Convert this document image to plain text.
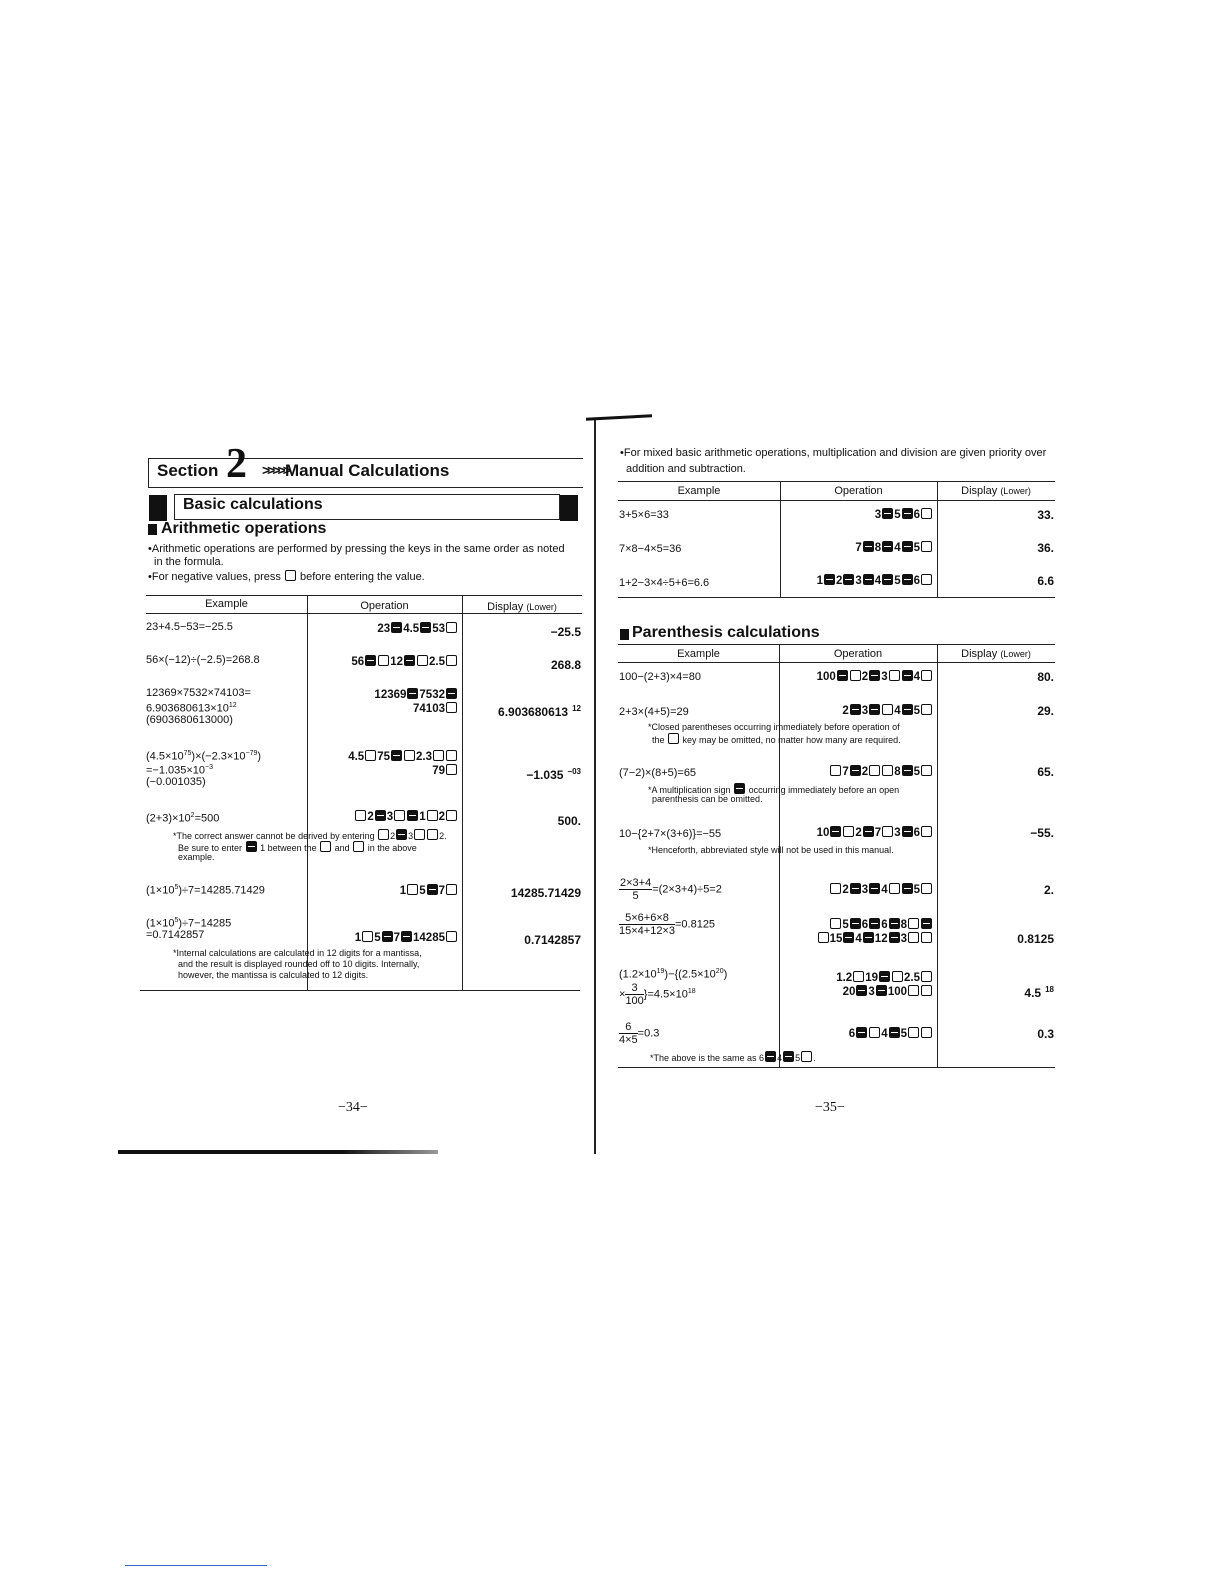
Section 2 >>>>>
Manual Calculations
Basic calculations
Arithmetic operations
•Arithmetic operations are performed by pressing the keys in the same order as noted
in the formula.
•For negative values, press before entering the value.
Example	Operation	Display (Lower)
23+4.5−53=−25.5	23 4.5 53	−25.5
56×(−12)÷(−2.5)=268.8	56 12 2.5	268.8
12369×7532×74103=
$6.903680613\times 10^{12}$
(6903680613000)
12369 7532
74103	6.903680613 $^{12}$
$(4.5\times 10^{75})\times(-2.3\times 10^{-79})$
$=-1.035\times 10^{-3}$
(−0.001035)
4.5 75 2.3
79	−1.035 $^{-03}$
$(2+3)\times 10^2=500$	2 3 1 2	500.
*The correct answer cannot be derived by entering 2 3	2.
Be sure to enter 1 between the and in the above
example.
$(1\times 10^5)\div 7=14285.71429$	1 5 7	14285.71429
$(1\times 10^5)\div 7-14285$
=0.7142857	1 5 7 14285	0.7142857
*Internal calculations are calculated in 12 digits for a mantissa,
and the result is displayed rounded off to 10 digits. Internally,
however, the mantissa is calculated to 12 digits.
−34−
•For mixed basic arithmetic operations, multiplication and division are given priority over
addition and subtraction.
Example	Operation	Display (Lower)
3+5×6=33	3 5 6	33.
7×8−4×5=36	7 8 4 5	36.
1+2−3×4÷5+6=6.6	1 2 3 4 5 6	6.6
Parenthesis calculations
Example	Operation	Display (Lower)
100−(2+3)×4=80	100 2 3 4	80.
2+3×(4+5)=29	2 3 4 5	29.
*Closed parentheses occurring immediately before operation of
the key may be omitted, no matter how many are required.
(7−2)×(8+5)=65	7 2 8 5	65.
*A multiplication sign occurring immediately before an open
parenthesis can be omitted.
10−{2+7×(3+6)}=−55	10 2 7 3 6	−55.
*Henceforth, abbreviated style will not be used in this manual.
$\frac{2\times 3+4}{5} =(2\times 3+4)\div 5=2$	2 3 4 5	2.
$\frac{5\times 6+6\times 8}{15\times 4+12\times 3} =0.8125$	5 6 6 8
15 4 12 3	0.8125
$(1.2\times 10^{19})-\{(2.5\times 10^{20})$
× $\frac{3}{100} \}=4.5\times 10^{18}$
1.2 19 2.5
20 3 100	4.5 $^{18}$
$\frac{6}{4\times 5} =0.3$	6 4 5	0.3
*The above is the same as 6 4 5 .
−35−
